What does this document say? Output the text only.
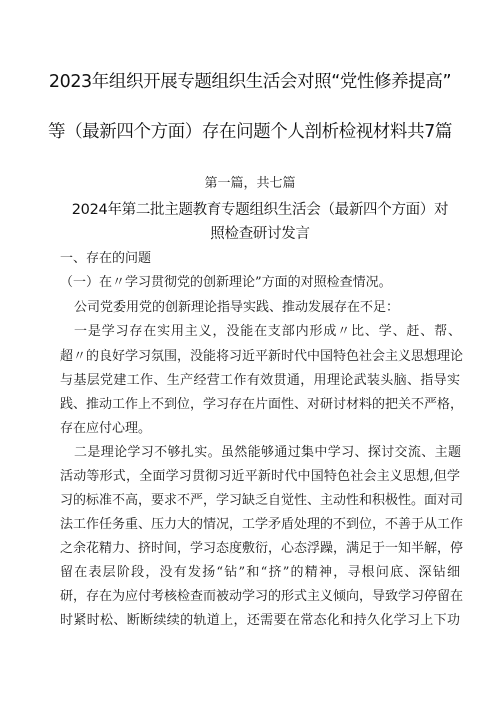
2023年组织开展专题组织生活会对照“党性修养提高”
等（最新四个方面）存在问题个人剖析检视材料共7篇
第一篇，共七篇
2024年第二批主题教育专题组织生活会（最新四个方面）对
照检查研讨发言
一、存在的问题
（一）在〃学习贯彻党的创新理论”方面的对照检查情况。
公司党委用党的创新理论指导实践、推动发展存在不足：
一是学习存在实用主义，没能在支部内形成〃比、学、赶、帮、
超〃的良好学习氛围，没能将习近平新时代中国特色社会主义思想理论
与基层党建工作、生产经营工作有效贯通，用理论武装头脑、指导实
践、推动工作上不到位，学习存在片面性、对研讨材料的把关不严格，
存在应付心理。
二是理论学习不够扎实。虽然能够通过集中学习、探讨交流、主题
活动等形式，全面学习贯彻习近平新时代中国特色社会主义思想,但学
习的标准不高，要求不严，学习缺乏自觉性、主动性和积极性。面对司
法工作任务重、压力大的情况，工学矛盾处理的不到位，不善于从工作
之余花精力、挤时间，学习态度敷衍，心态浮躁，满足于一知半解，停
留在表层阶段，没有发扬“钻”和“挤”的精神，寻根问底、深钻细
研，存在为应付考核检查而被动学习的形式主义倾向，导致学习停留在
时紧时松、断断续续的轨道上，还需要在常态化和持久化学习上下功
